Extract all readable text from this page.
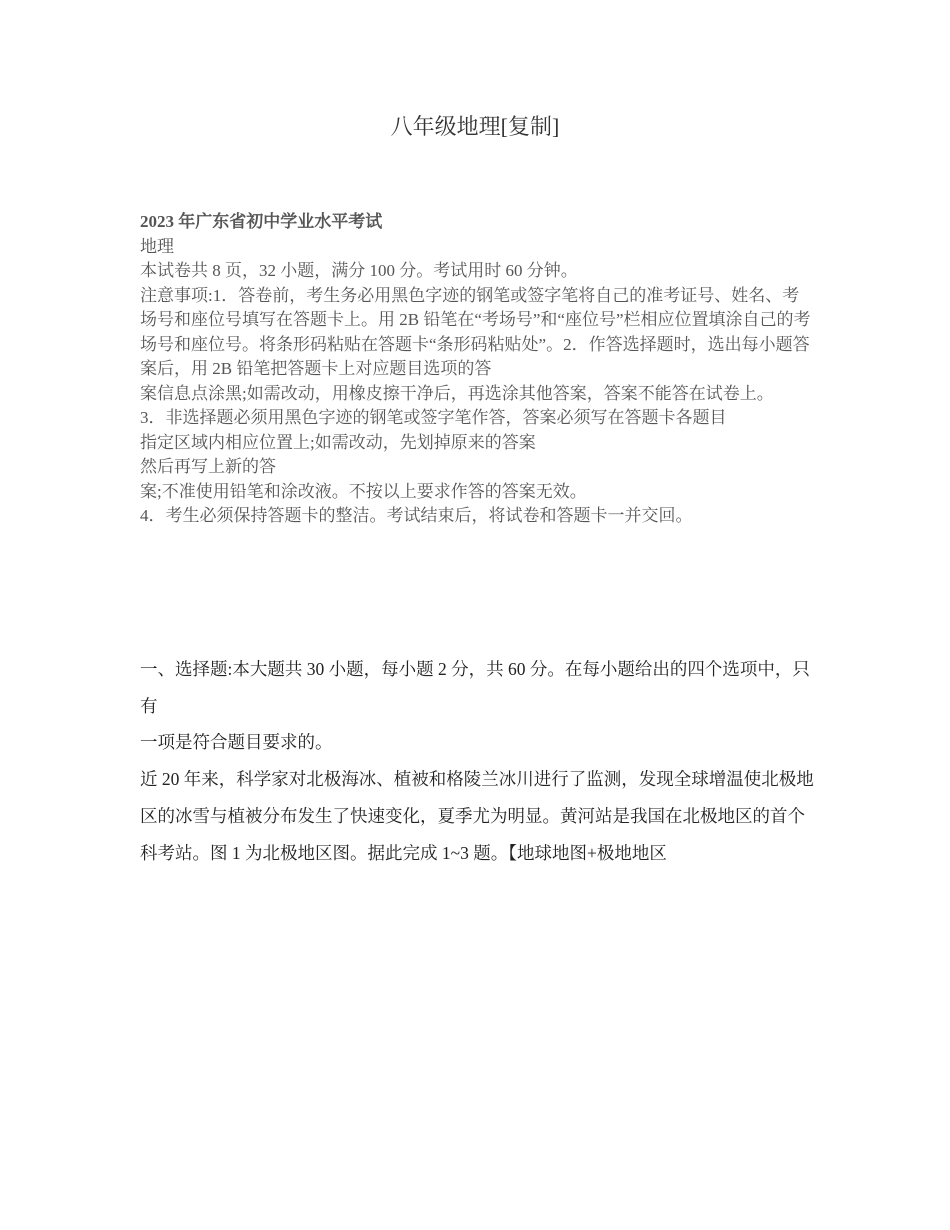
八年级地理[复制]

2023 年广东省初中学业水平考试

地理

本试卷共 8 页，32 小题，满分 100 分。考试用时 60 分钟。

注意事项:1．答卷前，考生务必用黑色字迹的钢笔或签字笔将自己的准考证号、姓名、考

场号和座位号填写在答题卡上。用 2B 铅笔在“考场号”和“座位号”栏相应位置填涂自己的考场号和座位号。将条形码粘贴在答题卡“条形码粘贴处”。2．作答选择题时，选出每小题答案后，用 2B 铅笔把答题卡上对应题目选项的答

案信息点涂黑;如需改动，用橡皮擦干净后，再选涂其他答案，答案不能答在试卷上。

3．非选择题必须用黑色字迹的钢笔或签字笔作答，答案必须写在答题卡各题目

指定区域内相应位置上;如需改动，先划掉原来的答案

然后再写上新的答

案;不准使用铅笔和涂改液。不按以上要求作答的答案无效。

4．考生必须保持答题卡的整洁。考试结束后，将试卷和答题卡一并交回。

一、选择题:本大题共 30 小题，每小题 2 分，共 60 分。在每小题给出的四个选项中，只有

一项是符合题目要求的。

近 20 年来，科学家对北极海冰、植被和格陵兰冰川进行了监测，发现全球增温使北极地区的冰雪与植被分布发生了快速变化，夏季尤为明显。黄河站是我国在北极地区的首个科考站。图 1 为北极地区图。据此完成 1~3 题。【地球地图+极地地区
